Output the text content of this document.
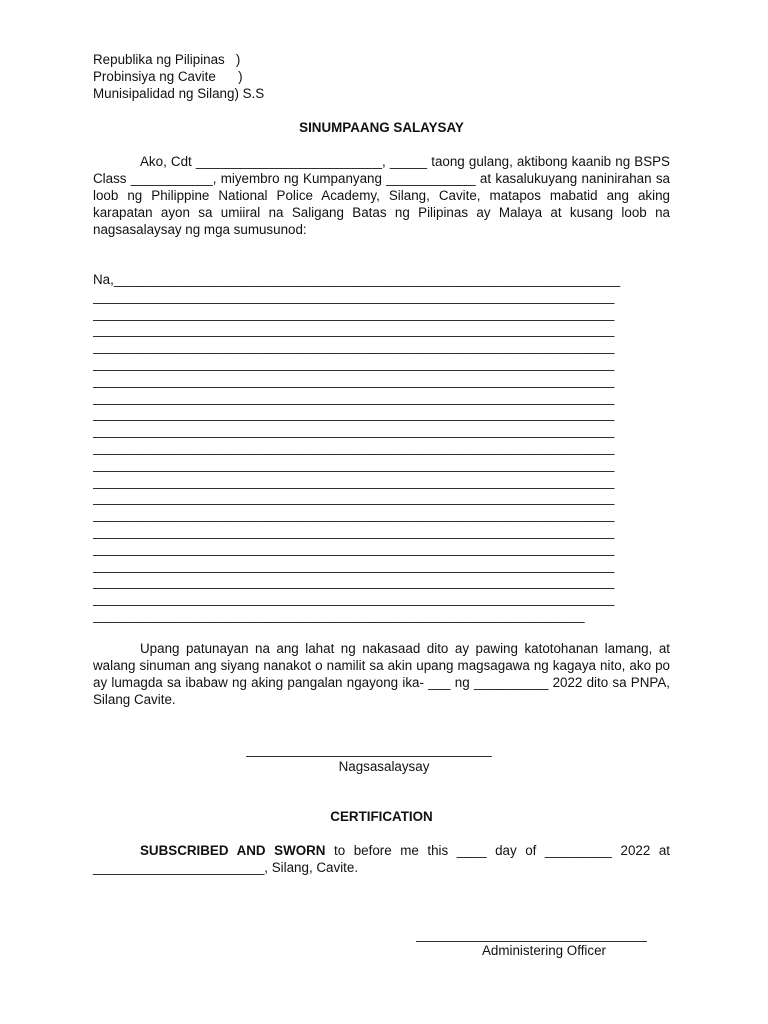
Republika ng Pilipinas   )
Probinsiya ng Cavite      )
Munisipalidad ng Silang) S.S
SINUMPAANG SALAYSAY

Ako, Cdt _________________________, _____ taong gulang, aktibong kaanib ng BSPS Class ___________, miyembro ng Kumpanyang ____________ at kasalukuyang naninirahan sa loob ng Philippine National Police Academy, Silang, Cavite, matapos mabatid ang aking karapatan ayon sa umiiral na Saligang Batas ng Pilipinas ay Malaya at kusang loob na nagsasalaysay ng mga sumusunod:

Na,____________________________________________________________________
______________________________________________________________________
______________________________________________________________________
______________________________________________________________________
______________________________________________________________________
______________________________________________________________________
______________________________________________________________________
______________________________________________________________________
______________________________________________________________________
______________________________________________________________________
______________________________________________________________________
______________________________________________________________________
______________________________________________________________________
______________________________________________________________________
______________________________________________________________________
______________________________________________________________________
______________________________________________________________________
______________________________________________________________________
______________________________________________________________________
______________________________________________________________________
__________________________________________________________________

Upang patunayan na ang lahat ng nakasaad dito ay pawing katotohanan lamang, at walang sinuman ang siyang nanakot o namilit sa akin upang magsagawa ng kagaya nito, ako po ay lumagda sa ibabaw ng aking pangalan ngayong ika- ___ ng __________ 2022 dito sa PNPA, Silang Cavite.

_________________________________
Nagsasalaysay
CERTIFICATION

SUBSCRIBED AND SWORN to before me this ____ day of _________ 2022 at _______________________, Silang, Cavite.

_______________________________
Administering Officer
